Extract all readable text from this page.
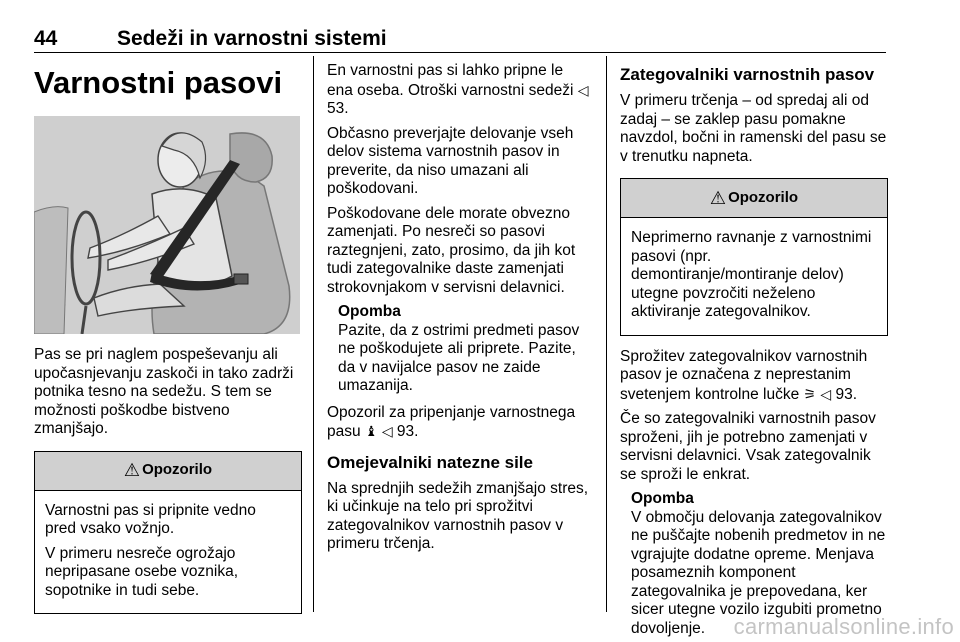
44	Sedeži in varnostni sistemi
Varnostni pasovi

Pas se pri naglem pospeševanju ali upočasnjevanju zaskoči in tako zadrži potnika tesno na sedežu. S tem se možnosti poškodbe bistveno zmanjšajo.

⚠ Opozorilo

Varnostni pas si pripnite vedno pred vsako vožnjo.

V primeru nesreče ogrožajo nepripasane osebe voznika, sopotnike in tudi sebe.

En varnostni pas si lahko pripne le ena oseba. Otroški varnostni sedeži ◁ 53.

Občasno preverjajte delovanje vseh delov sistema varnostnih pasov in preverite, da niso umazani ali poškodovani.

Poškodovane dele morate obvezno zamenjati. Po nesreči so pasovi raztegnjeni, zato, prosimo, da jih kot tudi zategovalnike daste zamenjati strokovnjakom v servisni delavnici.

Opomba
Pazite, da z ostrimi predmeti pasov ne poškodujete ali priprete. Pazite, da v navijalce pasov ne zaide umazanija.

Opozoril za pripenjanje varnostnega pasu ♝ ◁ 93.

Omejevalniki natezne sile

Na sprednjih sedežih zmanjšajo stres, ki učinkuje na telo pri sprožitvi zategovalnikov varnostnih pasov v primeru trčenja.

Zategovalniki varnostnih pasov

V primeru trčenja – od spredaj ali od zadaj – se zaklep pasu pomakne navzdol, bočni in ramenski del pasu se v trenutku napneta.

⚠ Opozorilo

Neprimerno ravnanje z varnostnimi pasovi (npr. demontiranje/montiranje delov) utegne povzročiti neželeno aktiviranje zategovalnikov.

Sprožitev zategovalnikov varnostnih pasov je označena z neprestanim svetenjem kontrolne lučke ⚞ ◁ 93.

Če so zategovalniki varnostnih pasov sproženi, jih je potrebno zamenjati v servisni delavnici. Vsak zategovalnik se sproži le enkrat.

Opomba
V območju delovanja zategovalnikov ne puščajte nobenih predmetov in ne vgrajujte dodatne opreme. Menjava posameznih komponent zategovalnika je prepovedana, ker sicer utegne vozilo izgubiti prometno dovoljenje.	carmanualsonline.info
